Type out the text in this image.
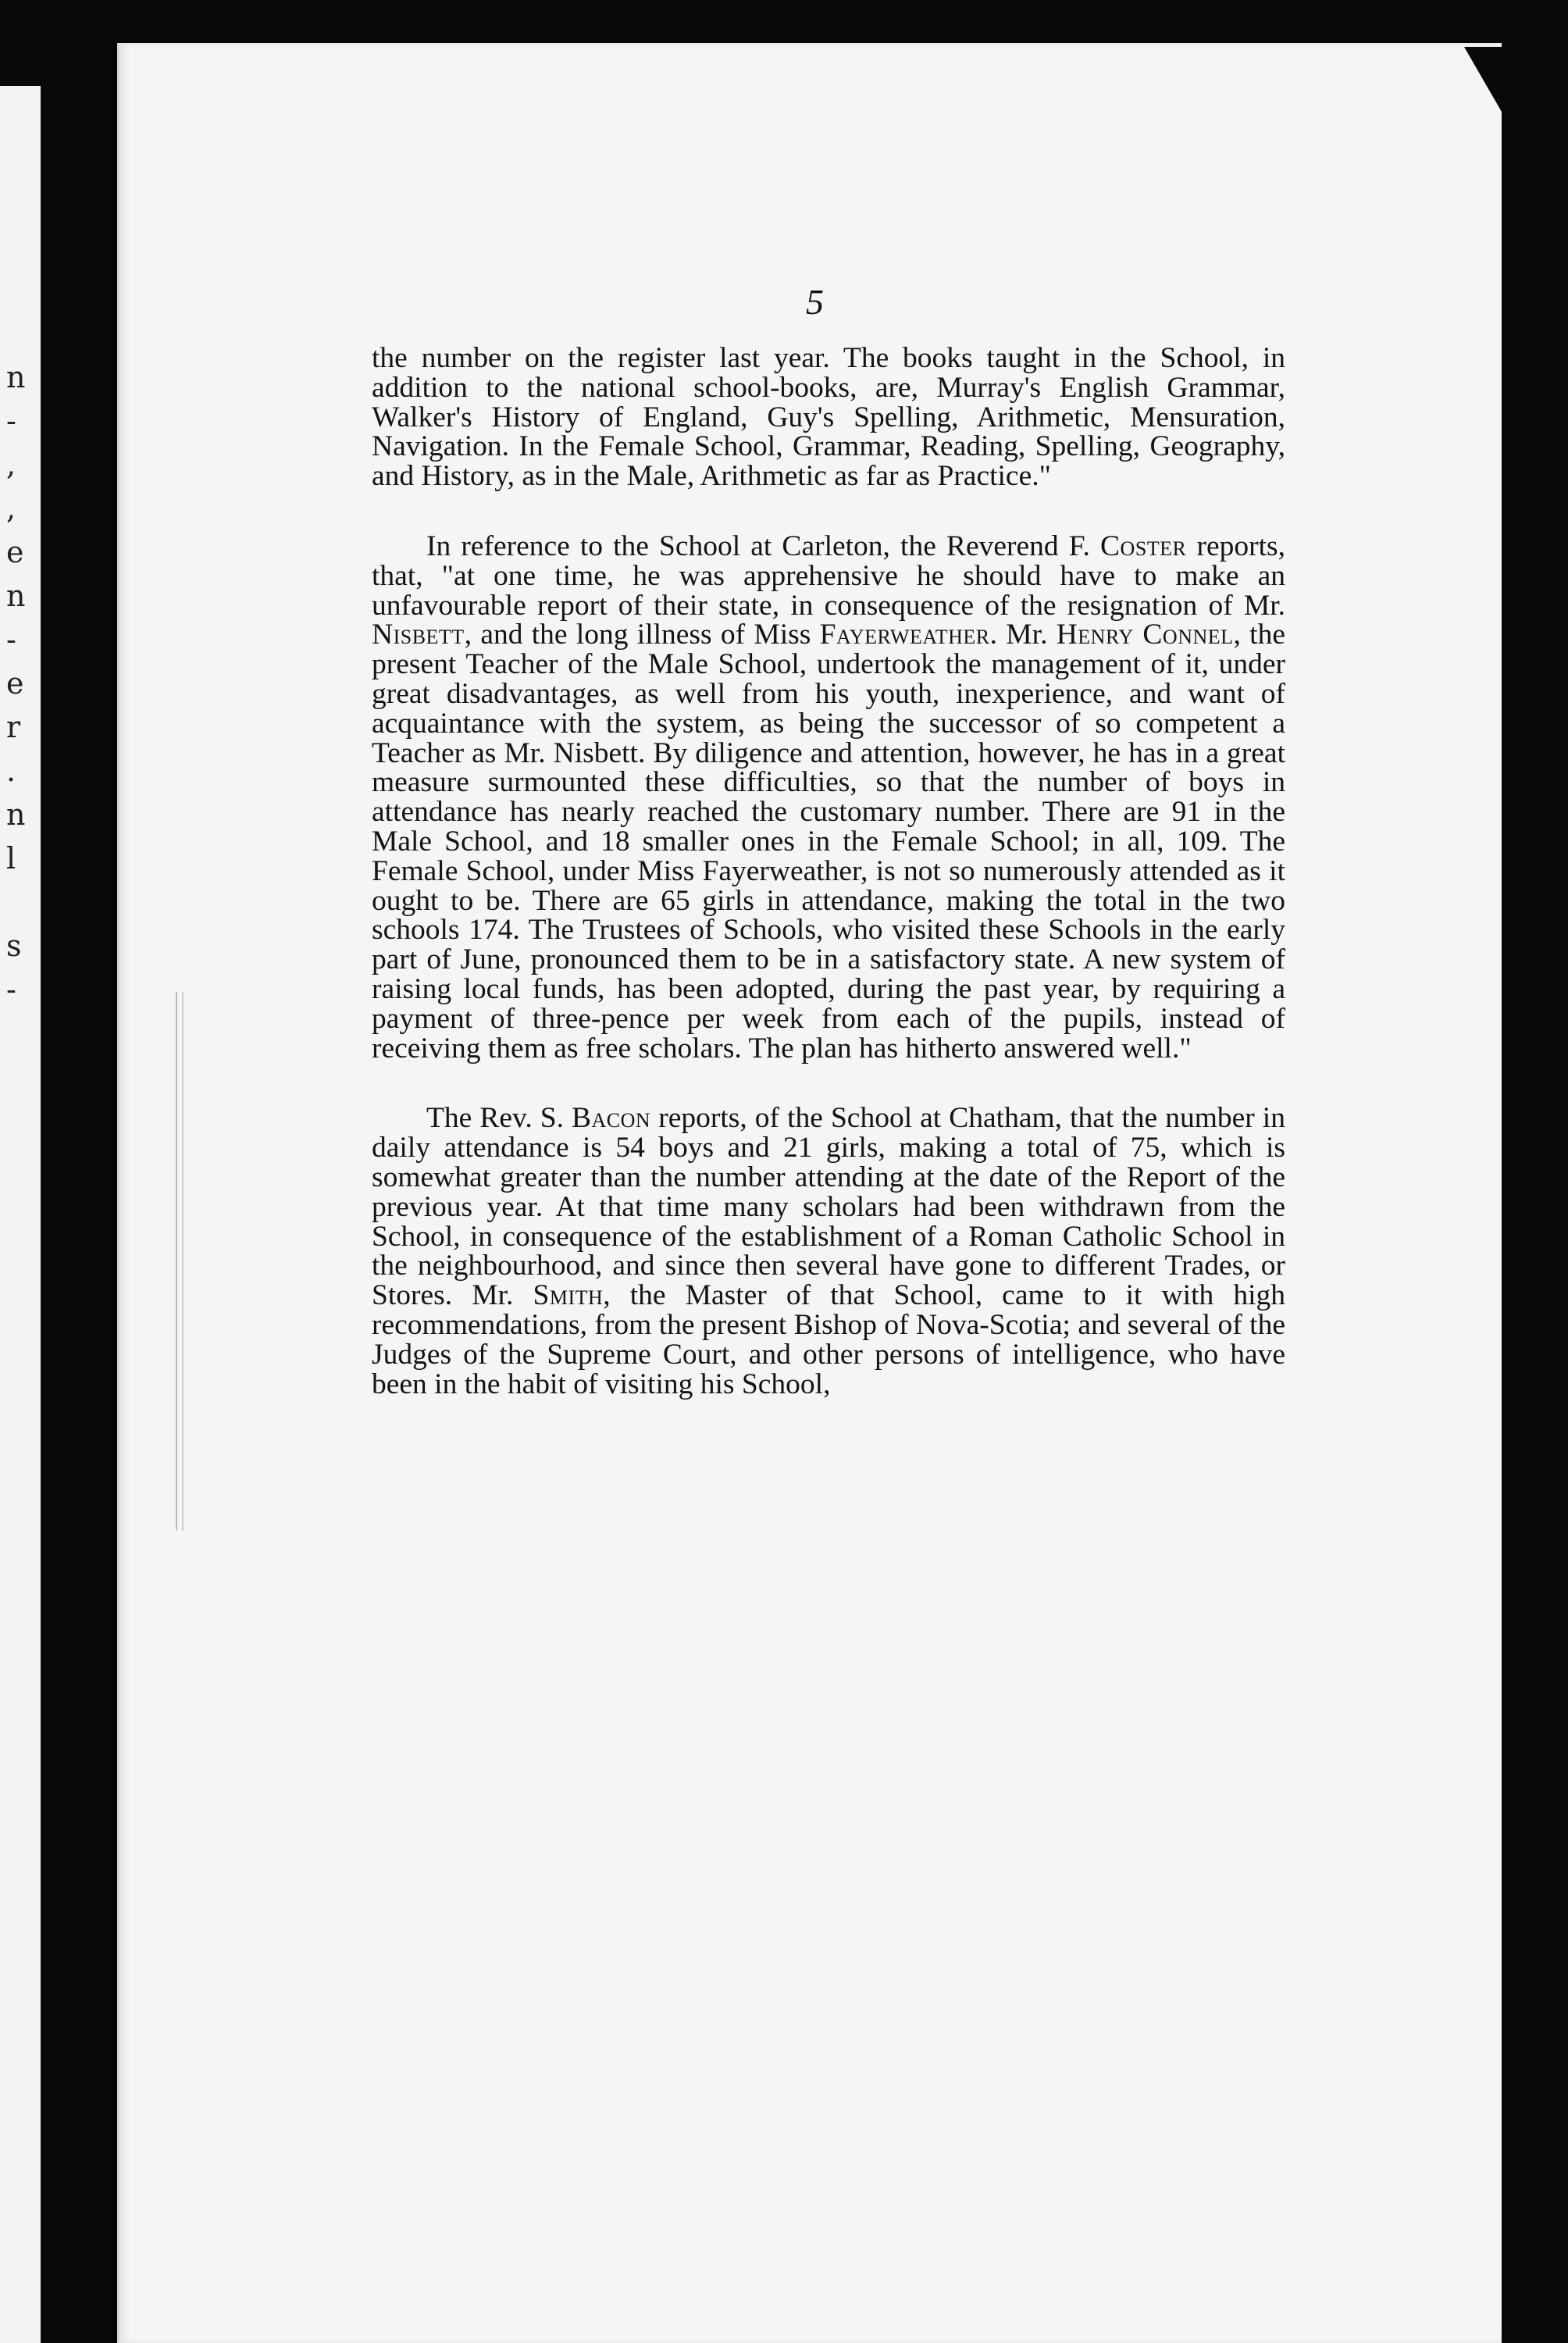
n
-
,
,
e
n
-
e
r
.
n
l
s
-
5

the number on the register last year. The books taught in the School, in addition to the national school-books, are, Murray's English Grammar, Walker's History of England, Guy's Spelling, Arithmetic, Mensuration, Navigation. In the Female School, Grammar, Reading, Spelling, Geography, and History, as in the Male, Arithmetic as far as Practice."

In reference to the School at Carleton, the Reverend F. Coster reports, that, "at one time, he was apprehensive he should have to make an unfavourable report of their state, in consequence of the resignation of Mr. Nisbett, and the long illness of Miss Fayerweather. Mr. Henry Connel, the present Teacher of the Male School, undertook the management of it, under great disadvantages, as well from his youth, inexperience, and want of acquaintance with the system, as being the successor of so competent a Teacher as Mr. Nisbett. By diligence and attention, however, he has in a great measure surmounted these difficulties, so that the number of boys in attendance has nearly reached the customary number. There are 91 in the Male School, and 18 smaller ones in the Female School; in all, 109. The Female School, under Miss Fayerweather, is not so numerously attended as it ought to be. There are 65 girls in attendance, making the total in the two schools 174. The Trustees of Schools, who visited these Schools in the early part of June, pronounced them to be in a satisfactory state. A new system of raising local funds, has been adopted, during the past year, by requiring a payment of three-pence per week from each of the pupils, instead of receiving them as free scholars. The plan has hitherto answered well."

The Rev. S. Bacon reports, of the School at Chatham, that the number in daily attendance is 54 boys and 21 girls, making a total of 75, which is somewhat greater than the number attending at the date of the Report of the previous year. At that time many scholars had been withdrawn from the School, in consequence of the establishment of a Roman Catholic School in the neighbourhood, and since then several have gone to different Trades, or Stores. Mr. Smith, the Master of that School, came to it with high recommendations, from the present Bishop of Nova-Scotia; and several of the Judges of the Supreme Court, and other persons of intelligence, who have been in the habit of visiting his School,
